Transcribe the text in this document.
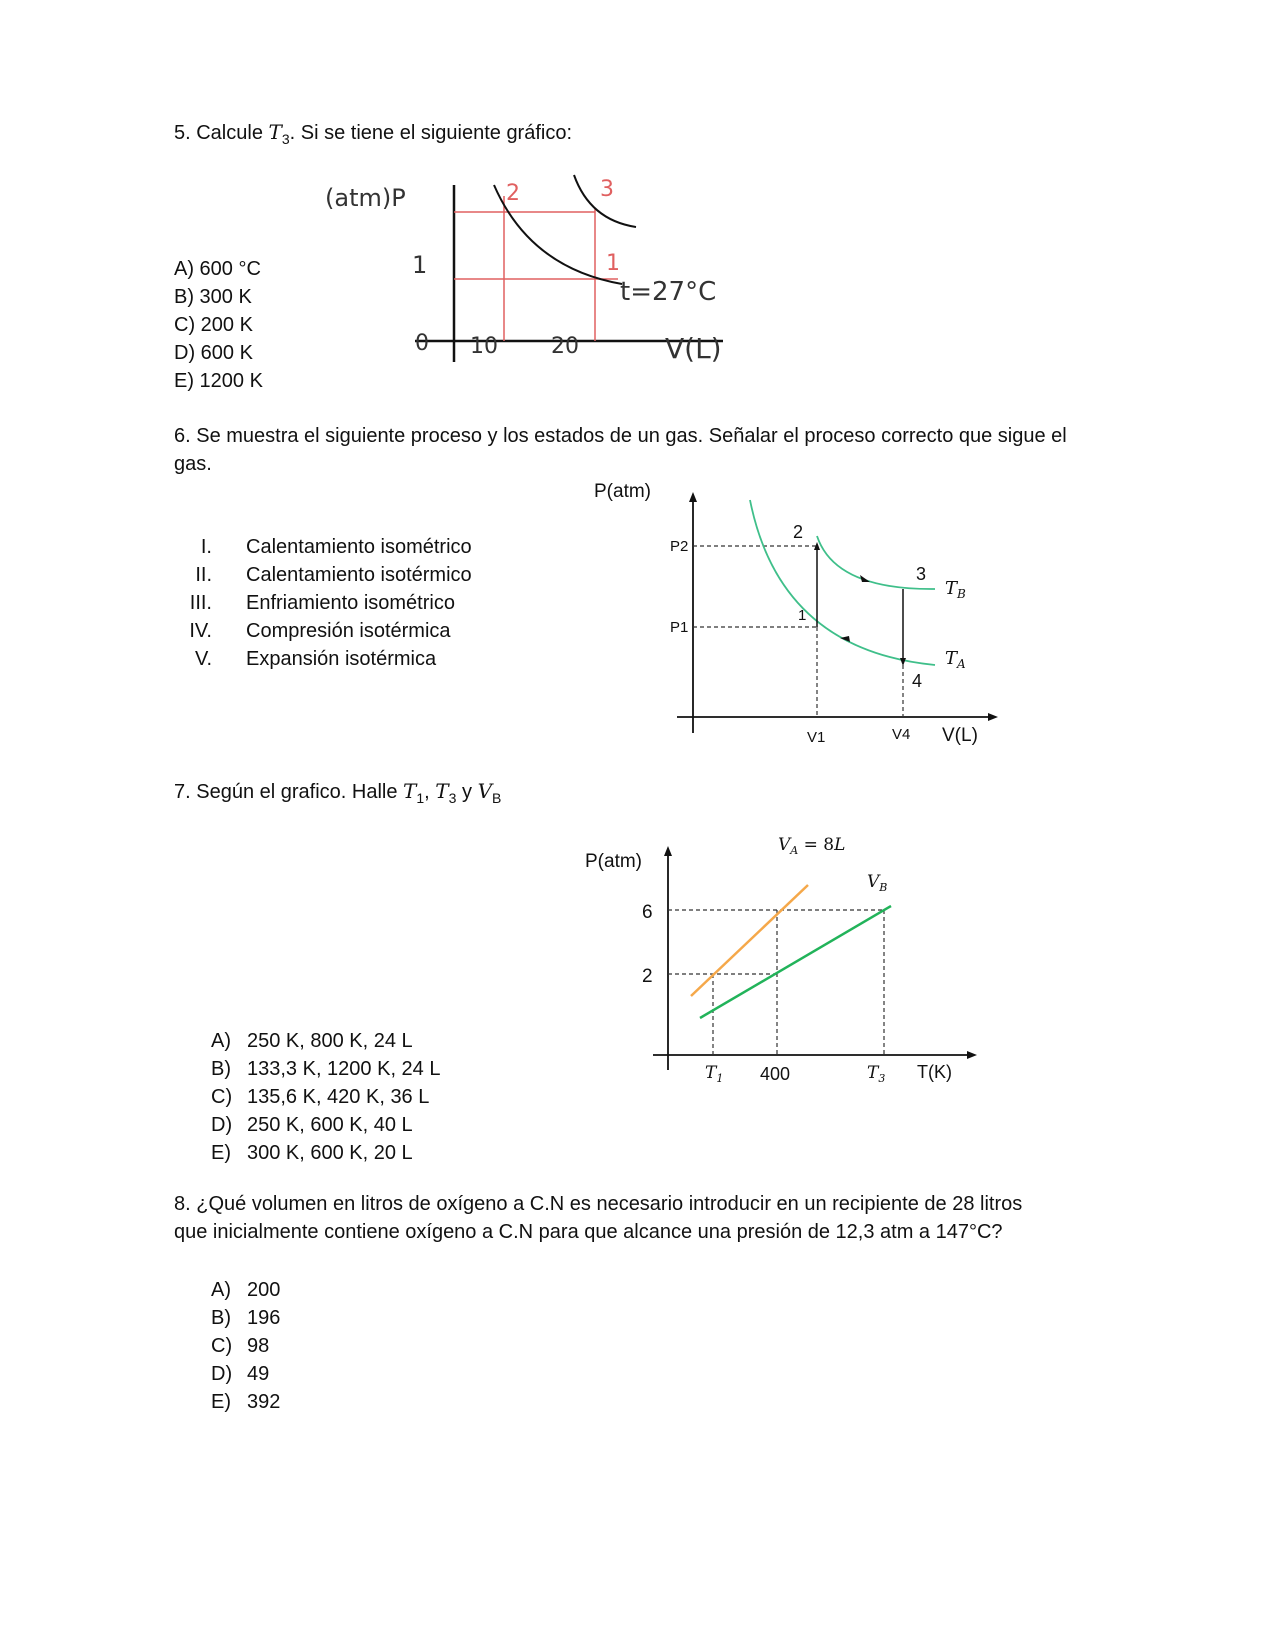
5. Calcule $T_3$. Si se tiene el siguiente gráfico:
A) 600 °C
B) 300 K
C) 200 K
D) 600 K
E) 1200 K
(atm)P
1
0 10 20	V(L)
2	3
1
t=27°C
6. Se muestra el siguiente proceso y los estados de un gas. Señalar el proceso correcto que sigue el
gas.
I. Calentamiento isométrico
II. Calentamiento isotérmico
III. Enfriamiento isométrico
IV. Compresión isotérmica
V. Expansión isotérmica
P(atm)
P2
P1
V1	V4 V(L)
2
3
1
4
$T_B$
$T_A$
7. Según el grafico. Halle $T_1$, $T_3$ y $V_B$
A) 250 K, 800 K, 24 L
B) 133,3 K, 1200 K, 24 L
C) 135,6 K, 420 K, 36 L
D) 250 K, 600 K, 40 L
E) 300 K, 600 K, 20 L
P(atm)
6
2
400	T(K)
$T_1$	$T_3$
$V_A = 8L$
$V_B$
8. ¿Qué volumen en litros de oxígeno a C.N es necesario introducir en un recipiente de 28 litros
que inicialmente contiene oxígeno a C.N para que alcance una presión de 12,3 atm a 147°C?
A) 200
B) 196
C) 98
D) 49
E) 392
